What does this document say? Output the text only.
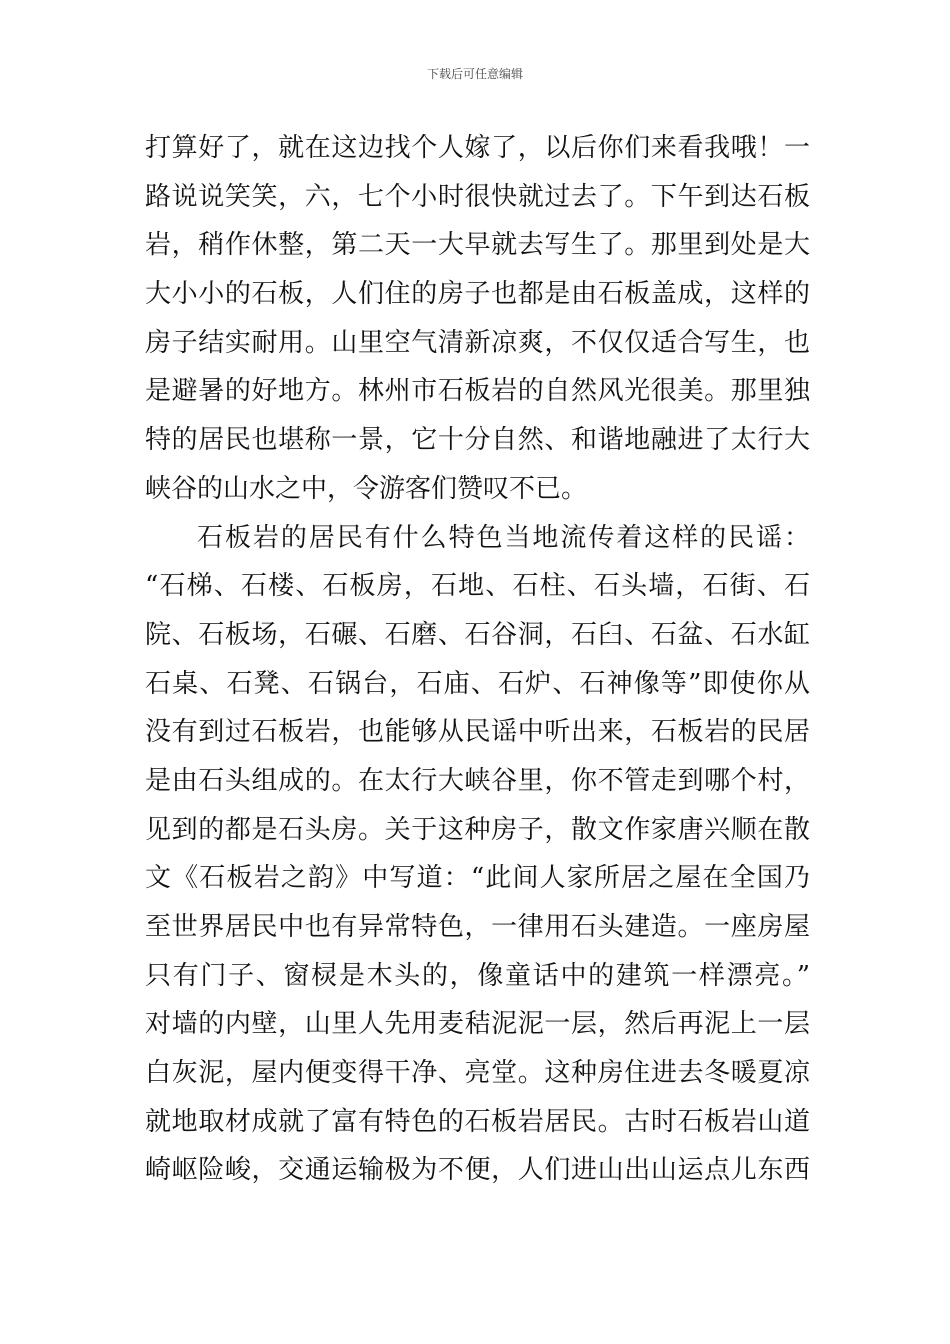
下载后可任意编辑
打算好了，就在这边找个人嫁了，以后你们来看我哦！一
路说说笑笑，六，七个小时很快就过去了。下午到达石板
岩，稍作休整，第二天一大早就去写生了。那里到处是大
大小小的石板，人们住的房子也都是由石板盖成，这样的
房子结实耐用。山里空气清新凉爽，不仅仅适合写生，也
是避暑的好地方。林州市石板岩的自然风光很美。那里独
特的居民也堪称一景，它十分自然、和谐地融进了太行大
峡谷的山水之中，令游客们赞叹不已。
石板岩的居民有什么特色当地流传着这样的民谣：
“石梯、石楼、石板房，石地、石柱、石头墙，石街、石
院、石板场，石碾、石磨、石谷洞，石臼、石盆、石水缸
石桌、石凳、石锅台，石庙、石炉、石神像等”即使你从
没有到过石板岩，也能够从民谣中听出来，石板岩的民居
是由石头组成的。在太行大峡谷里，你不管走到哪个村，
见到的都是石头房。关于这种房子，散文作家唐兴顺在散
文《石板岩之韵》中写道：“此间人家所居之屋在全国乃
至世界居民中也有异常特色，一律用石头建造。一座房屋
只有门子、窗棂是木头的，像童话中的建筑一样漂亮。”
对墙的内壁，山里人先用麦秸泥泥一层，然后再泥上一层
白灰泥，屋内便变得干净、亮堂。这种房住进去冬暖夏凉
就地取材成就了富有特色的石板岩居民。古时石板岩山道
崎岖险峻，交通运输极为不便，人们进山出山运点儿东西
